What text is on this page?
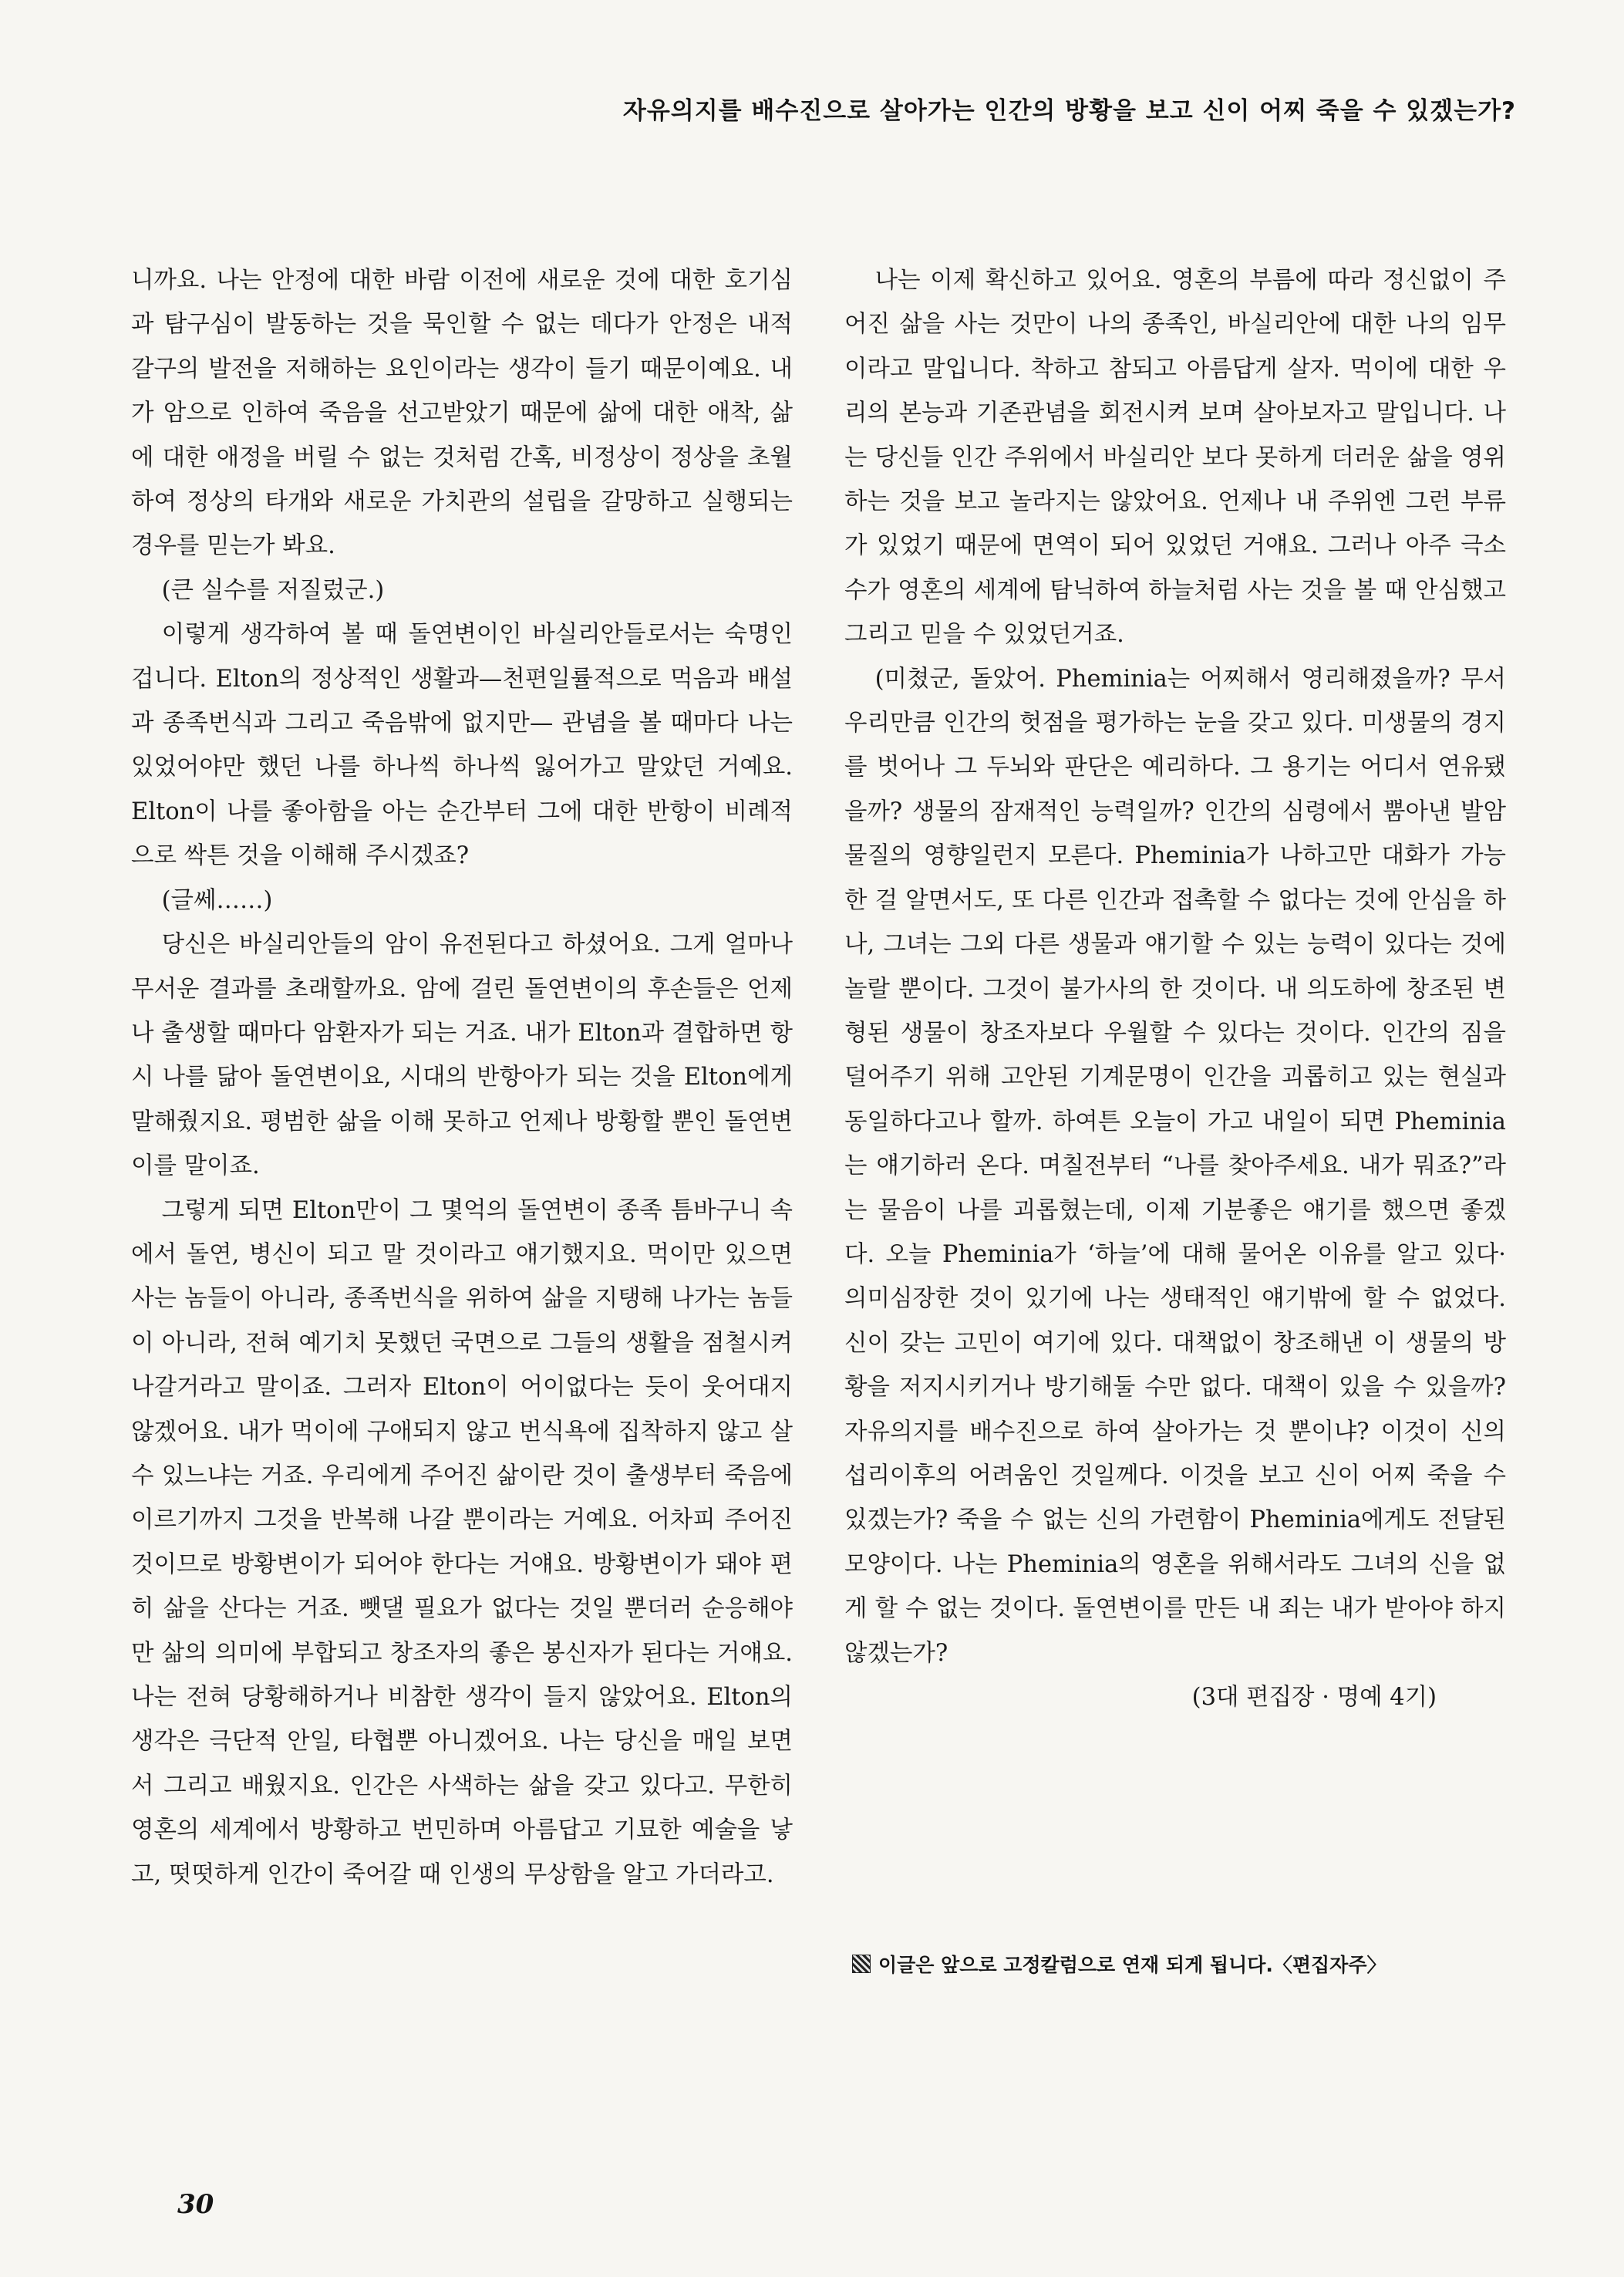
자유의지를 배수진으로 살아가는 인간의 방황을 보고 신이 어찌 죽을 수 있겠는가?

니까요. 나는 안정에 대한 바람 이전에 새로운 것에 대한 호기심과 탐구심이 발동하는 것을 묵인할 수 없는 데다가 안정은 내적 갈구의 발전을 저해하는 요인이라는 생각이 들기 때문이예요. 내가 암으로 인하여 죽음을 선고받았기 때문에 삶에 대한 애착, 삶에 대한 애정을 버릴 수 없는 것처럼 간혹, 비정상이 정상을 초월하여 정상의 타개와 새로운 가치관의 설립을 갈망하고 실행되는 경우를 믿는가 봐요.

(큰 실수를 저질렀군.)

이렇게 생각하여 볼 때 돌연변이인 바실리안들로서는 숙명인 겁니다. Elton의 정상적인 생활과—천편일률적으로 먹음과 배설과 종족번식과 그리고 죽음밖에 없지만— 관념을 볼 때마다 나는 있었어야만 했던 나를 하나씩 하나씩 잃어가고 말았던 거예요. Elton이 나를 좋아함을 아는 순간부터 그에 대한 반항이 비례적으로 싹튼 것을 이해해 주시겠죠?

(글쎄……)

당신은 바실리안들의 암이 유전된다고 하셨어요. 그게 얼마나 무서운 결과를 초래할까요. 암에 걸린 돌연변이의 후손들은 언제나 출생할 때마다 암환자가 되는 거죠. 내가 Elton과 결합하면 항시 나를 닮아 돌연변이요, 시대의 반항아가 되는 것을 Elton에게 말해줬지요. 평범한 삶을 이해 못하고 언제나 방황할 뿐인 돌연변이를 말이죠.

그렇게 되면 Elton만이 그 몇억의 돌연변이 종족 틈바구니 속에서 돌연, 병신이 되고 말 것이라고 얘기했지요. 먹이만 있으면 사는 놈들이 아니라, 종족번식을 위하여 삶을 지탱해 나가는 놈들이 아니라, 전혀 예기치 못했던 국면으로 그들의 생활을 점철시켜 나갈거라고 말이죠. 그러자 Elton이 어이없다는 듯이 웃어대지 않겠어요. 내가 먹이에 구애되지 않고 번식욕에 집착하지 않고 살 수 있느냐는 거죠. 우리에게 주어진 삶이란 것이 출생부터 죽음에 이르기까지 그것을 반복해 나갈 뿐이라는 거예요. 어차피 주어진 것이므로 방황변이가 되어야 한다는 거얘요. 방황변이가 돼야 편히 삶을 산다는 거죠. 뺏댈 필요가 없다는 것일 뿐더러 순응해야만 삶의 의미에 부합되고 창조자의 좋은 봉신자가 된다는 거얘요. 나는 전혀 당황해하거나 비참한 생각이 들지 않았어요. Elton의 생각은 극단적 안일, 타협뿐 아니겠어요. 나는 당신을 매일 보면서 그리고 배웠지요. 인간은 사색하는 삶을 갖고 있다고. 무한히 영혼의 세계에서 방황하고 번민하며 아름답고 기묘한 예술을 낳고, 떳떳하게 인간이 죽어갈 때 인생의 무상함을 알고 가더라고.

나는 이제 확신하고 있어요. 영혼의 부름에 따라 정신없이 주어진 삶을 사는 것만이 나의 종족인, 바실리안에 대한 나의 임무이라고 말입니다. 착하고 참되고 아름답게 살자. 먹이에 대한 우리의 본능과 기존관념을 회전시켜 보며 살아보자고 말입니다. 나는 당신들 인간 주위에서 바실리안 보다 못하게 더러운 삶을 영위하는 것을 보고 놀라지는 않았어요. 언제나 내 주위엔 그런 부류가 있었기 때문에 면역이 되어 있었던 거얘요. 그러나 아주 극소수가 영혼의 세계에 탐닉하여 하늘처럼 사는 것을 볼 때 안심했고 그리고 믿을 수 있었던거죠.

(미쳤군, 돌았어. Pheminia는 어찌해서 영리해졌을까? 무서우리만큼 인간의 헛점을 평가하는 눈을 갖고 있다. 미생물의 경지를 벗어나 그 두뇌와 판단은 예리하다. 그 용기는 어디서 연유됐을까? 생물의 잠재적인 능력일까? 인간의 심령에서 뿜아낸 발암물질의 영향일런지 모른다. Pheminia가 나하고만 대화가 가능한 걸 알면서도, 또 다른 인간과 접촉할 수 없다는 것에 안심을 하나, 그녀는 그외 다른 생물과 얘기할 수 있는 능력이 있다는 것에 놀랄 뿐이다. 그것이 불가사의 한 것이다. 내 의도하에 창조된 변형된 생물이 창조자보다 우월할 수 있다는 것이다. 인간의 짐을 덜어주기 위해 고안된 기계문명이 인간을 괴롭히고 있는 현실과 동일하다고나 할까. 하여튼 오늘이 가고 내일이 되면 Pheminia는 얘기하러 온다. 며칠전부터 “나를 찾아주세요. 내가 뭐죠?”라는 물음이 나를 괴롭혔는데, 이제 기분좋은 얘기를 했으면 좋겠다. 오늘 Pheminia가 ‘하늘’에 대해 물어온 이유를 알고 있다· 의미심장한 것이 있기에 나는 생태적인 얘기밖에 할 수 없었다. 신이 갖는 고민이 여기에 있다. 대책없이 창조해낸 이 생물의 방황을 저지시키거나 방기해둘 수만 없다. 대책이 있을 수 있을까? 자유의지를 배수진으로 하여 살아가는 것 뿐이냐? 이것이 신의 섭리이후의 어려움인 것일께다. 이것을 보고 신이 어찌 죽을 수 있겠는가? 죽을 수 없는 신의 가련함이 Pheminia에게도 전달된 모양이다. 나는 Pheminia의 영혼을 위해서라도 그녀의 신을 없게 할 수 없는 것이다. 돌연변이를 만든 내 죄는 내가 받아야 하지 않겠는가?

(3대 편집장 · 명예 4기)

이글은 앞으로 고정칼럼으로 연재 되게 됩니다.〈편집자주〉
30
